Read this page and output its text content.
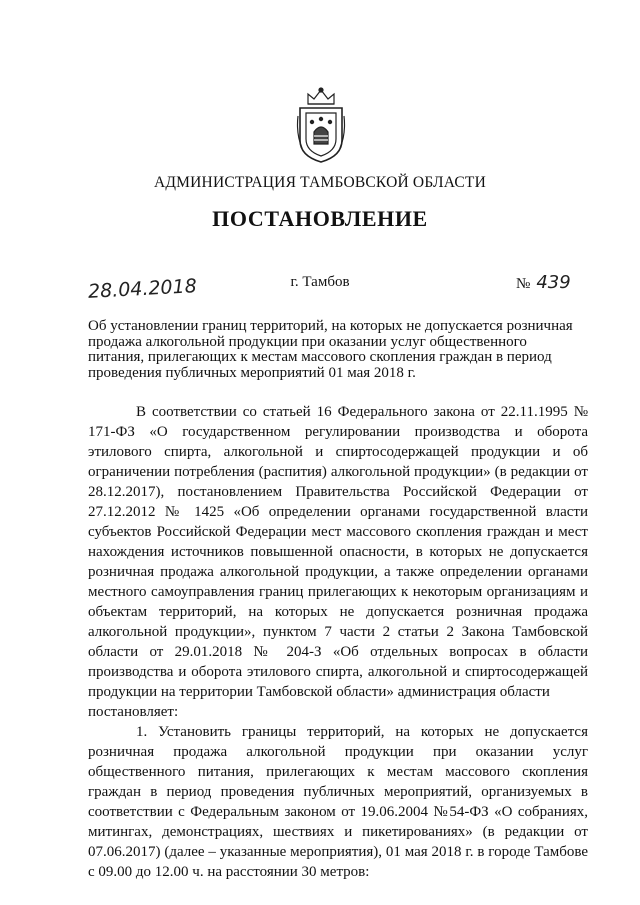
АДМИНИСТРАЦИЯ ТАМБОВСКОЙ ОБЛАСТИ
ПОСТАНОВЛЕНИЕ
28.04.2018	г. Тамбов	№ 439
Об установлении границ территорий, на которых не допускается розничная продажа алкогольной продукции при оказании услуг общественного питания, прилегающих к местам массового скопления граждан в период проведения публичных мероприятий 01 мая 2018 г.

В соответствии со статьей 16 Федерального закона от 22.11.1995 № 171-ФЗ «О государственном регулировании производства и оборота этилового спирта, алкогольной и спиртосодержащей продукции и об ограничении потребления (распития) алкогольной продукции» (в редакции от 28.12.2017), постановлением Правительства Российской Федерации от 27.12.2012 № 1425 «Об определении органами государственной власти субъектов Российской Федерации мест массового скопления граждан и мест нахождения источников повышенной опасности, в которых не допускается розничная продажа алкогольной продукции, а также определении органами местного самоуправления границ прилегающих к некоторым организациям и объектам территорий, на которых не допускается розничная продажа алкогольной продукции», пунктом 7 части 2 статьи 2 Закона Тамбовской области от 29.01.2018 № 204-З «Об отдельных вопросах в области производства и оборота этилового спирта, алкогольной и спиртосодержащей продукции на территории Тамбовской области» администрация области

постановляет:

1. Установить границы территорий, на которых не допускается розничная продажа алкогольной продукции при оказании услуг общественного питания, прилегающих к местам массового скопления граждан в период проведения публичных мероприятий, организуемых в соответствии с Федеральным законом от 19.06.2004 №54-ФЗ «О собраниях, митингах, демонстрациях, шествиях и пикетированиях» (в редакции от 07.06.2017) (далее – указанные мероприятия), 01 мая 2018 г. в городе Тамбове с 09.00 до 12.00 ч. на расстоянии 30 метров:
